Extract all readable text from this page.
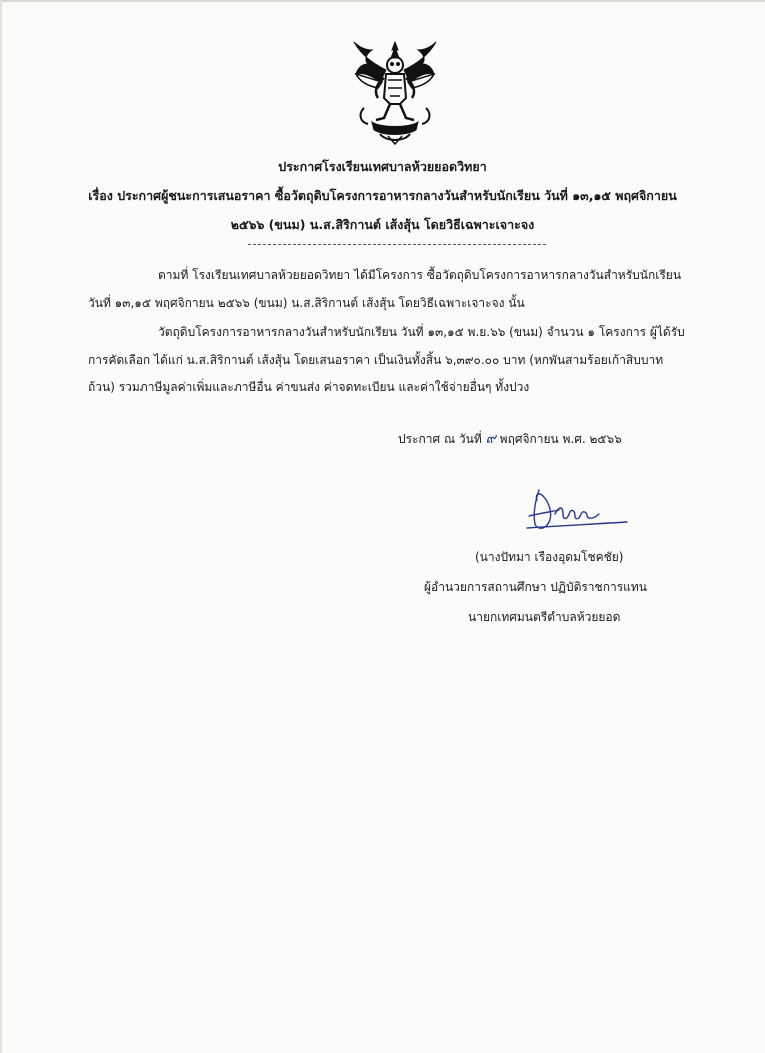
ประกาศโรงเรียนเทศบาลห้วยยอดวิทยา
เรื่อง ประกาศผู้ชนะการเสนอราคา ซื้อวัตถุดิบโครงการอาหารกลางวันสำหรับนักเรียน วันที่ ๑๓,๑๕ พฤศจิกายน
๒๕๖๖ (ขนม) น.ส.สิริกานต์ เส้งสุ้น โดยวิธีเฉพาะเจาะจง
ตามที่ โรงเรียนเทศบาลห้วยยอดวิทยา ได้มีโครงการ ซื้อวัตถุดิบโครงการอาหารกลางวันสำหรับนักเรียน
วันที่ ๑๓,๑๕ พฤศจิกายน ๒๕๖๖ (ขนม) น.ส.สิริกานต์ เส้งสุ้น โดยวิธีเฉพาะเจาะจง นั้น
วัตถุดิบโครงการอาหารกลางวันสำหรับนักเรียน วันที่ ๑๓,๑๕ พ.ย.๖๖ (ขนม) จำนวน ๑ โครงการ ผู้ได้รับ
การคัดเลือก ได้แก่ น.ส.สิริกานต์ เส้งสุ้น โดยเสนอราคา เป็นเงินทั้งสิ้น ๖,๓๙๐.๐๐ บาท (หกพันสามร้อยเก้าสิบบาท
ถ้วน) รวมภาษีมูลค่าเพิ่มและภาษีอื่น ค่าขนส่ง ค่าจดทะเบียน และค่าใช้จ่ายอื่นๆ ทั้งปวง
ประกาศ ณ วันที่ ๙ พฤศจิกายน พ.ศ. ๒๕๖๖
(นางปัทมา เรืองอุดมโชคชัย)
ผู้อำนวยการสถานศึกษา ปฏิบัติราชการแทน
นายกเทศมนตรีตำบลห้วยยอด
